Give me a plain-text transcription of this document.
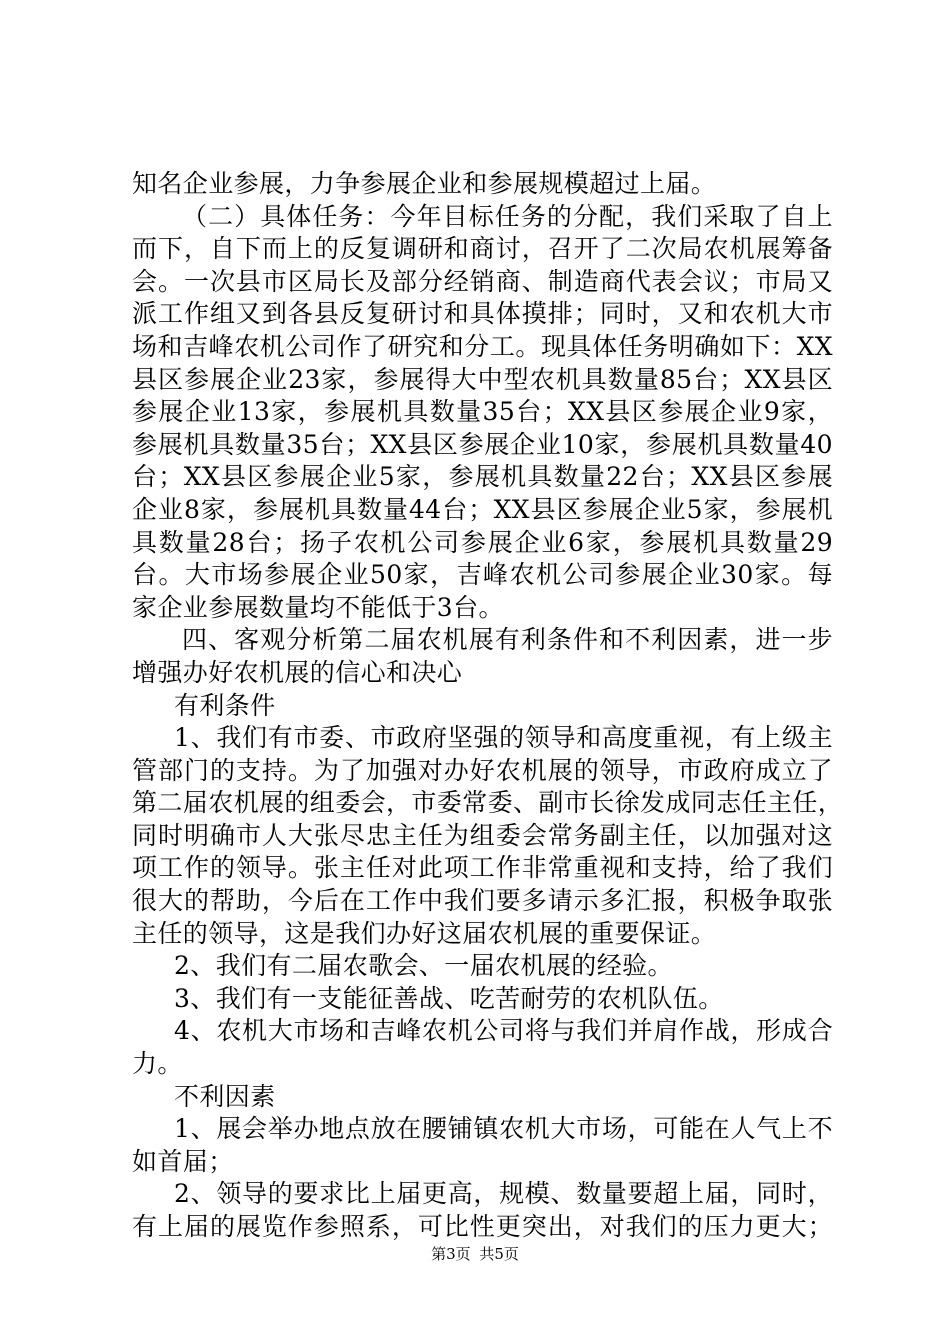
知名企业参展，力争参展企业和参展规模超过上届。
（二）具体任务：今年目标任务的分配，我们采取了自上
而下，自下而上的反复调研和商讨，召开了二次局农机展筹备
会。一次县市区局长及部分经销商、制造商代表会议；市局又
派工作组又到各县反复研讨和具体摸排；同时，又和农机大市
场和吉峰农机公司作了研究和分工。现具体任务明确如下：XX
县区参展企业23家，参展得大中型农机具数量85台；XX县区
参展企业13家，参展机具数量35台；XX县区参展企业9家，
参展机具数量35台；XX县区参展企业10家，参展机具数量40
台；XX县区参展企业5家，参展机具数量22台；XX县区参展
企业8家，参展机具数量44台；XX县区参展企业5家，参展机
具数量28台；扬子农机公司参展企业6家，参展机具数量29
台。大市场参展企业50家，吉峰农机公司参展企业30家。每
家企业参展数量均不能低于3台。
四、客观分析第二届农机展有利条件和不利因素，进一步
增强办好农机展的信心和决心
有利条件
1、我们有市委、市政府坚强的领导和高度重视，有上级主
管部门的支持。为了加强对办好农机展的领导，市政府成立了
第二届农机展的组委会，市委常委、副市长徐发成同志任主任，
同时明确市人大张尽忠主任为组委会常务副主任，以加强对这
项工作的领导。张主任对此项工作非常重视和支持，给了我们
很大的帮助，今后在工作中我们要多请示多汇报，积极争取张
主任的领导，这是我们办好这届农机展的重要保证。
2、我们有二届农歌会、一届农机展的经验。
3、我们有一支能征善战、吃苦耐劳的农机队伍。
4、农机大市场和吉峰农机公司将与我们并肩作战，形成合
力。
不利因素
1、展会举办地点放在腰铺镇农机大市场，可能在人气上不
如首届；
2、领导的要求比上届更高，规模、数量要超上届，同时，
有上届的展览作参照系，可比性更突出，对我们的压力更大；
第3页 共5页
